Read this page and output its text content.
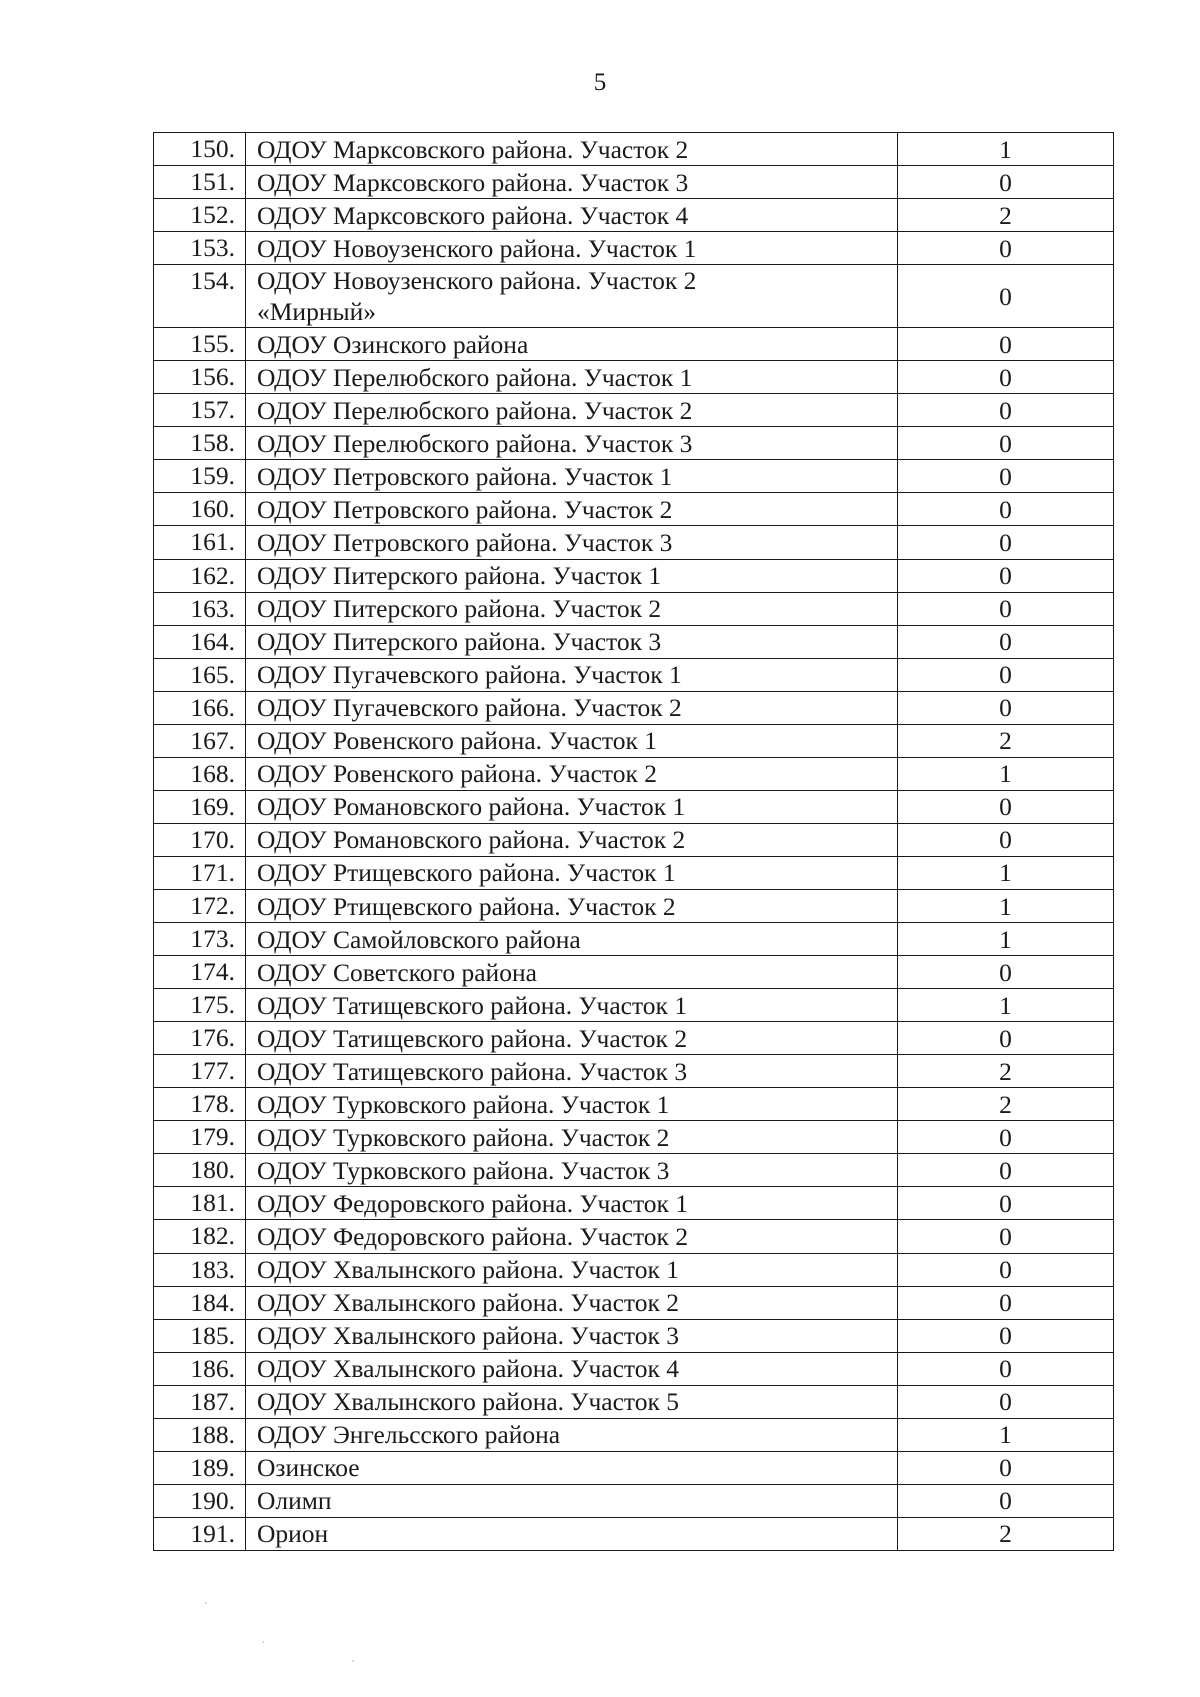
5
150.	ОДОУ Марксовского района. Участок 2	1
151.	ОДОУ Марксовского района. Участок 3	0
152.	ОДОУ Марксовского района. Участок 4	2
153.	ОДОУ Новоузенского района. Участок 1	0
154.	ОДОУ Новоузенского района. Участок 2 «Мирный»	0
155.	ОДОУ Озинского района	0
156.	ОДОУ Перелюбского района. Участок 1	0
157.	ОДОУ Перелюбского района. Участок 2	0
158.	ОДОУ Перелюбского района. Участок 3	0
159.	ОДОУ Петровского района. Участок 1	0
160.	ОДОУ Петровского района. Участок 2	0
161.	ОДОУ Петровского района. Участок 3	0
162.	ОДОУ Питерского района. Участок 1	0
163.	ОДОУ Питерского района. Участок 2	0
164.	ОДОУ Питерского района. Участок 3	0
165.	ОДОУ Пугачевского района. Участок 1	0
166.	ОДОУ Пугачевского района. Участок 2	0
167.	ОДОУ Ровенского района. Участок 1	2
168.	ОДОУ Ровенского района. Участок 2	1
169.	ОДОУ Романовского района. Участок 1	0
170.	ОДОУ Романовского района. Участок 2	0
171.	ОДОУ Ртищевского района. Участок 1	1
172.	ОДОУ Ртищевского района. Участок 2	1
173.	ОДОУ Самойловского района	1
174.	ОДОУ Советского района	0
175.	ОДОУ Татищевского района. Участок 1	1
176.	ОДОУ Татищевского района. Участок 2	0
177.	ОДОУ Татищевского района. Участок 3	2
178.	ОДОУ Турковского района. Участок 1	2
179.	ОДОУ Турковского района. Участок 2	0
180.	ОДОУ Турковского района. Участок 3	0
181.	ОДОУ Федоровского района. Участок 1	0
182.	ОДОУ Федоровского района. Участок 2	0
183.	ОДОУ Хвалынского района. Участок 1	0
184.	ОДОУ Хвалынского района. Участок 2	0
185.	ОДОУ Хвалынского района. Участок 3	0
186.	ОДОУ Хвалынского района. Участок 4	0
187.	ОДОУ Хвалынского района. Участок 5	0
188.	ОДОУ Энгельсского района	1
189.	Озинское	0
190.	Олимп	0
191.	Орион	2
